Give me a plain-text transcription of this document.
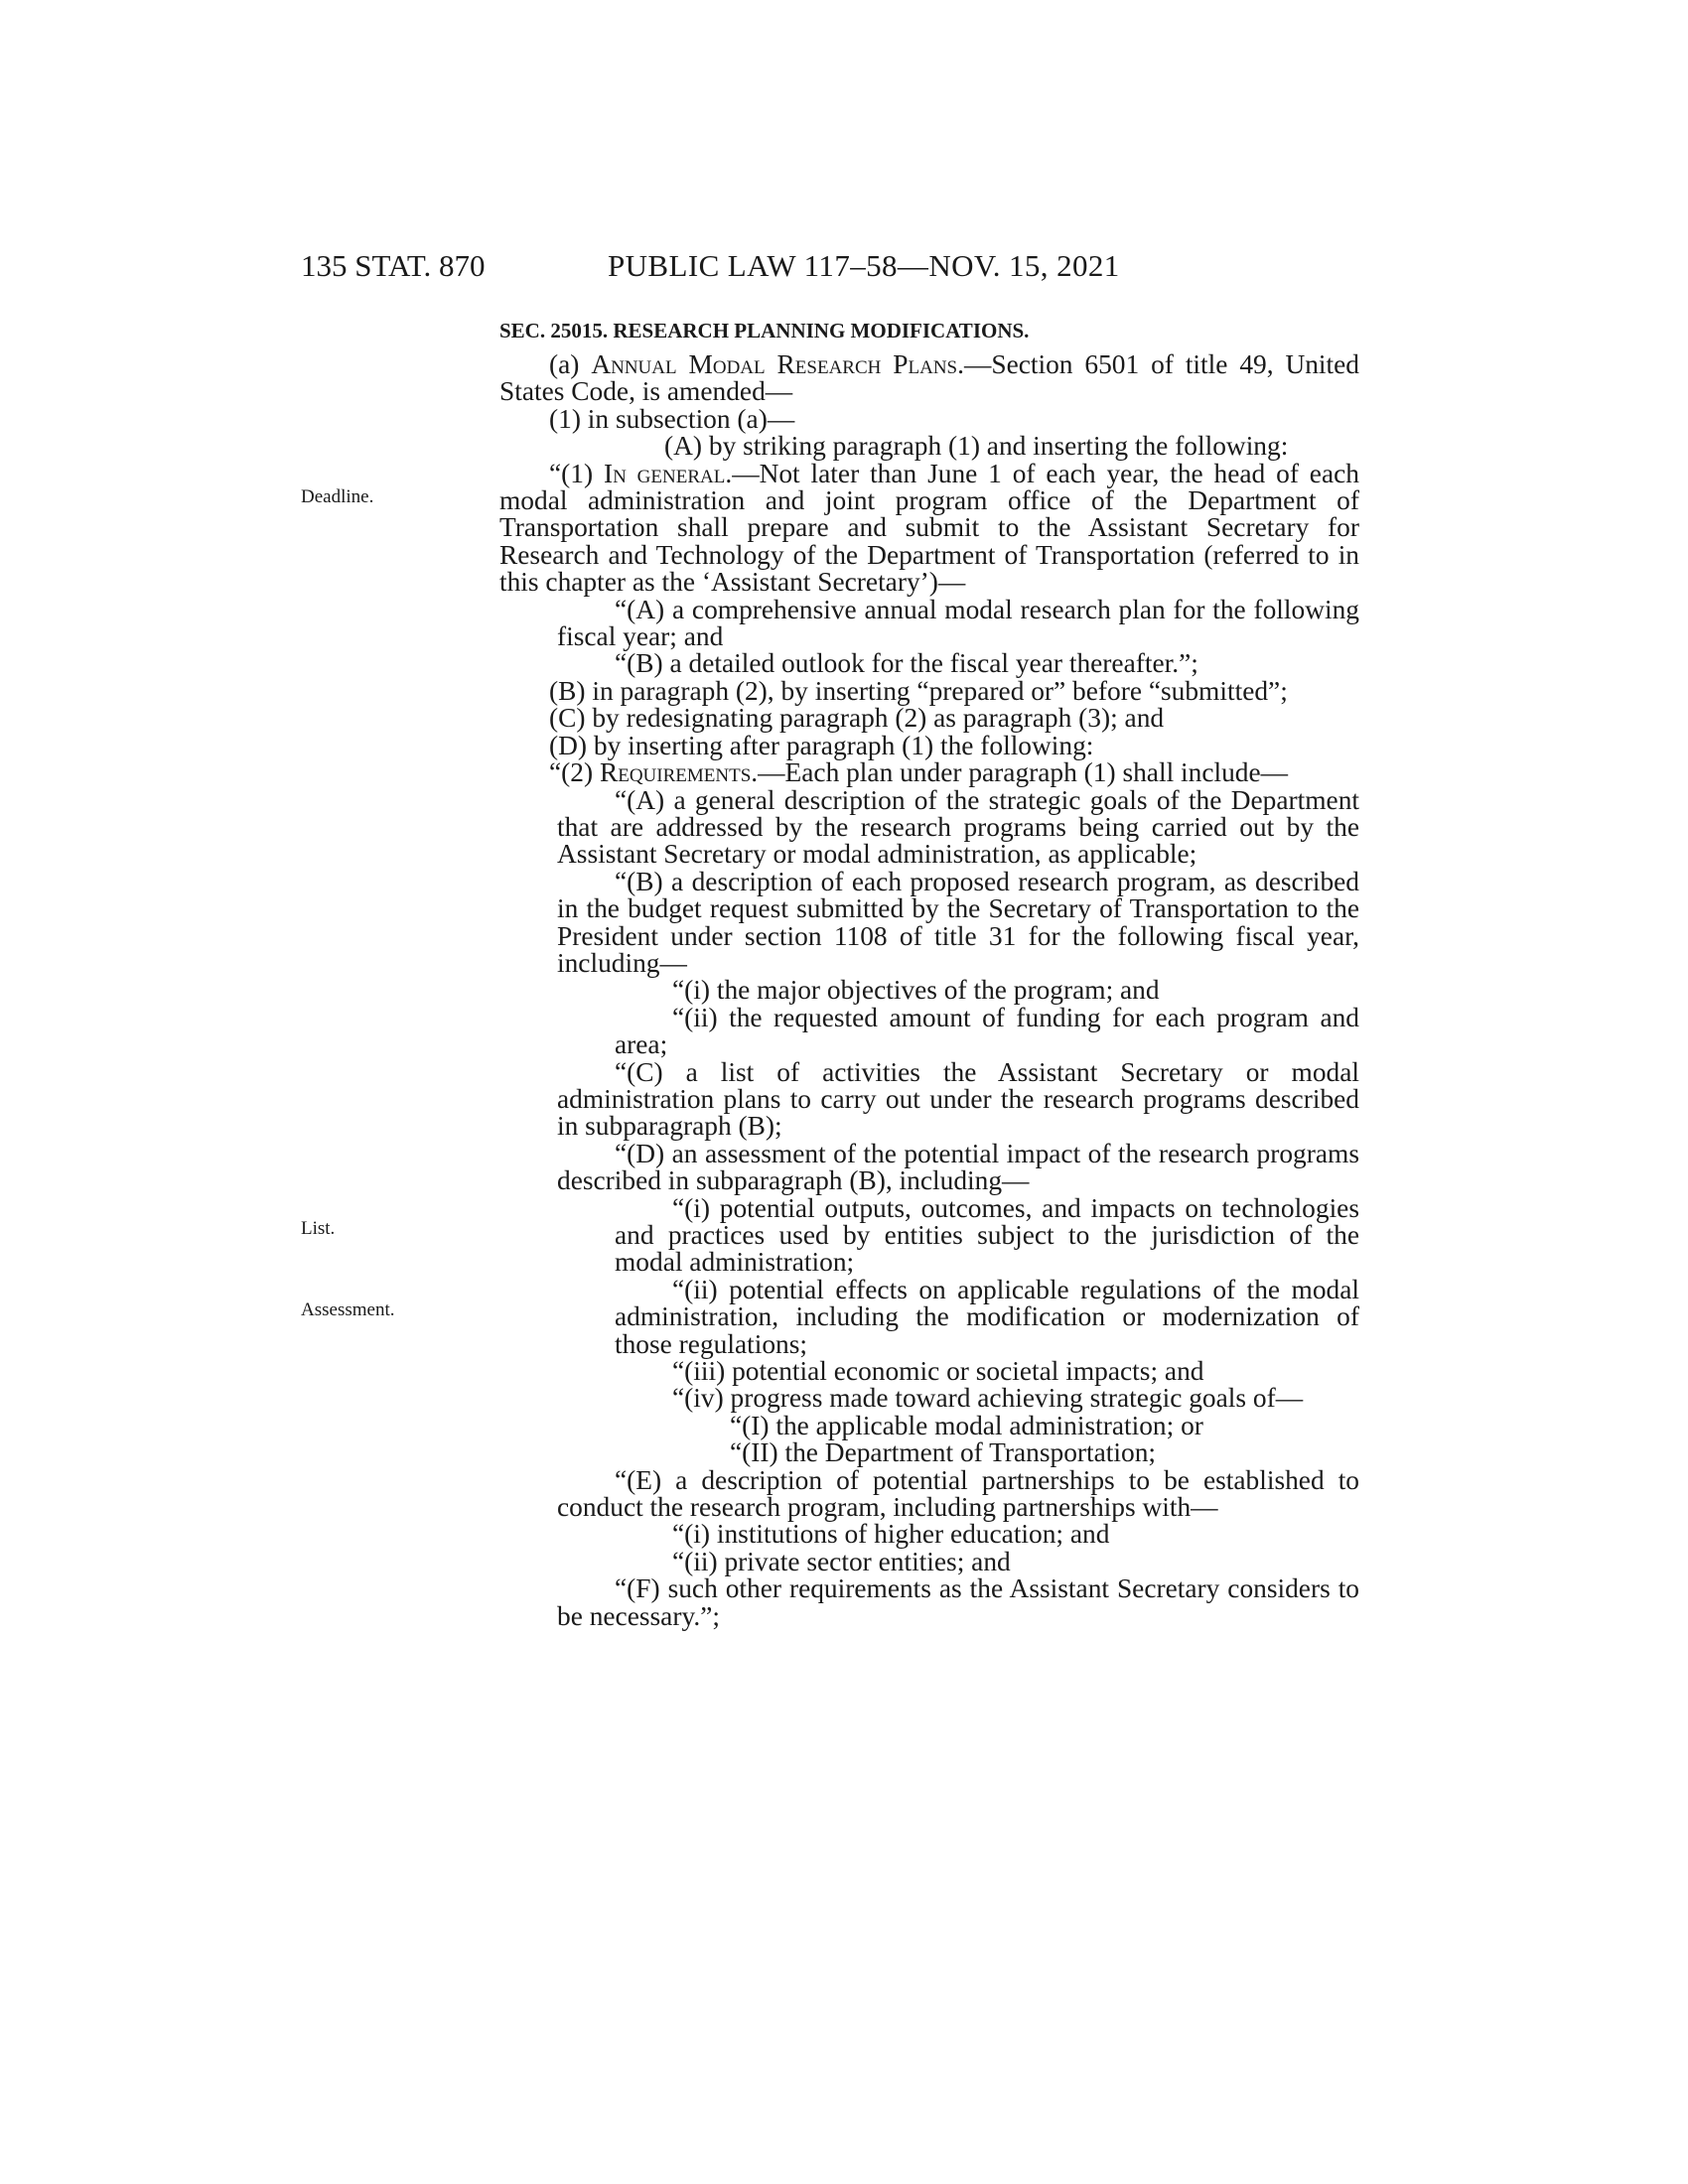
135 STAT. 870	PUBLIC LAW 117–58—NOV. 15, 2021
Deadline.
List.
Assessment.
SEC. 25015. RESEARCH PLANNING MODIFICATIONS.

(a) Annual Modal Research Plans.—Section 6501 of title 49, United States Code, is amended—

(1) in subsection (a)—

(A) by striking paragraph (1) and inserting the following:

“(1) In general.—Not later than June 1 of each year, the head of each modal administration and joint program office of the Department of Transportation shall prepare and submit to the Assistant Secretary for Research and Technology of the Department of Transportation (referred to in this chapter as the ‘Assistant Secretary’)—

“(A) a comprehensive annual modal research plan for the following fiscal year; and

“(B) a detailed outlook for the fiscal year thereafter.”;

(B) in paragraph (2), by inserting “prepared or” before “submitted”;

(C) by redesignating paragraph (2) as paragraph (3); and

(D) by inserting after paragraph (1) the following:

“(2) Requirements.—Each plan under paragraph (1) shall include—

“(A) a general description of the strategic goals of the Department that are addressed by the research programs being carried out by the Assistant Secretary or modal administration, as applicable;

“(B) a description of each proposed research program, as described in the budget request submitted by the Secretary of Transportation to the President under section 1108 of title 31 for the following fiscal year, including—

“(i) the major objectives of the program; and

“(ii) the requested amount of funding for each program and area;

“(C) a list of activities the Assistant Secretary or modal administration plans to carry out under the research programs described in subparagraph (B);

“(D) an assessment of the potential impact of the research programs described in subparagraph (B), including—

“(i) potential outputs, outcomes, and impacts on technologies and practices used by entities subject to the jurisdiction of the modal administration;

“(ii) potential effects on applicable regulations of the modal administration, including the modification or modernization of those regulations;

“(iii) potential economic or societal impacts; and

“(iv) progress made toward achieving strategic goals of—

“(I) the applicable modal administration; or

“(II) the Department of Transportation;

“(E) a description of potential partnerships to be established to conduct the research program, including partnerships with—

“(i) institutions of higher education; and

“(ii) private sector entities; and

“(F) such other requirements as the Assistant Secretary considers to be necessary.”;
